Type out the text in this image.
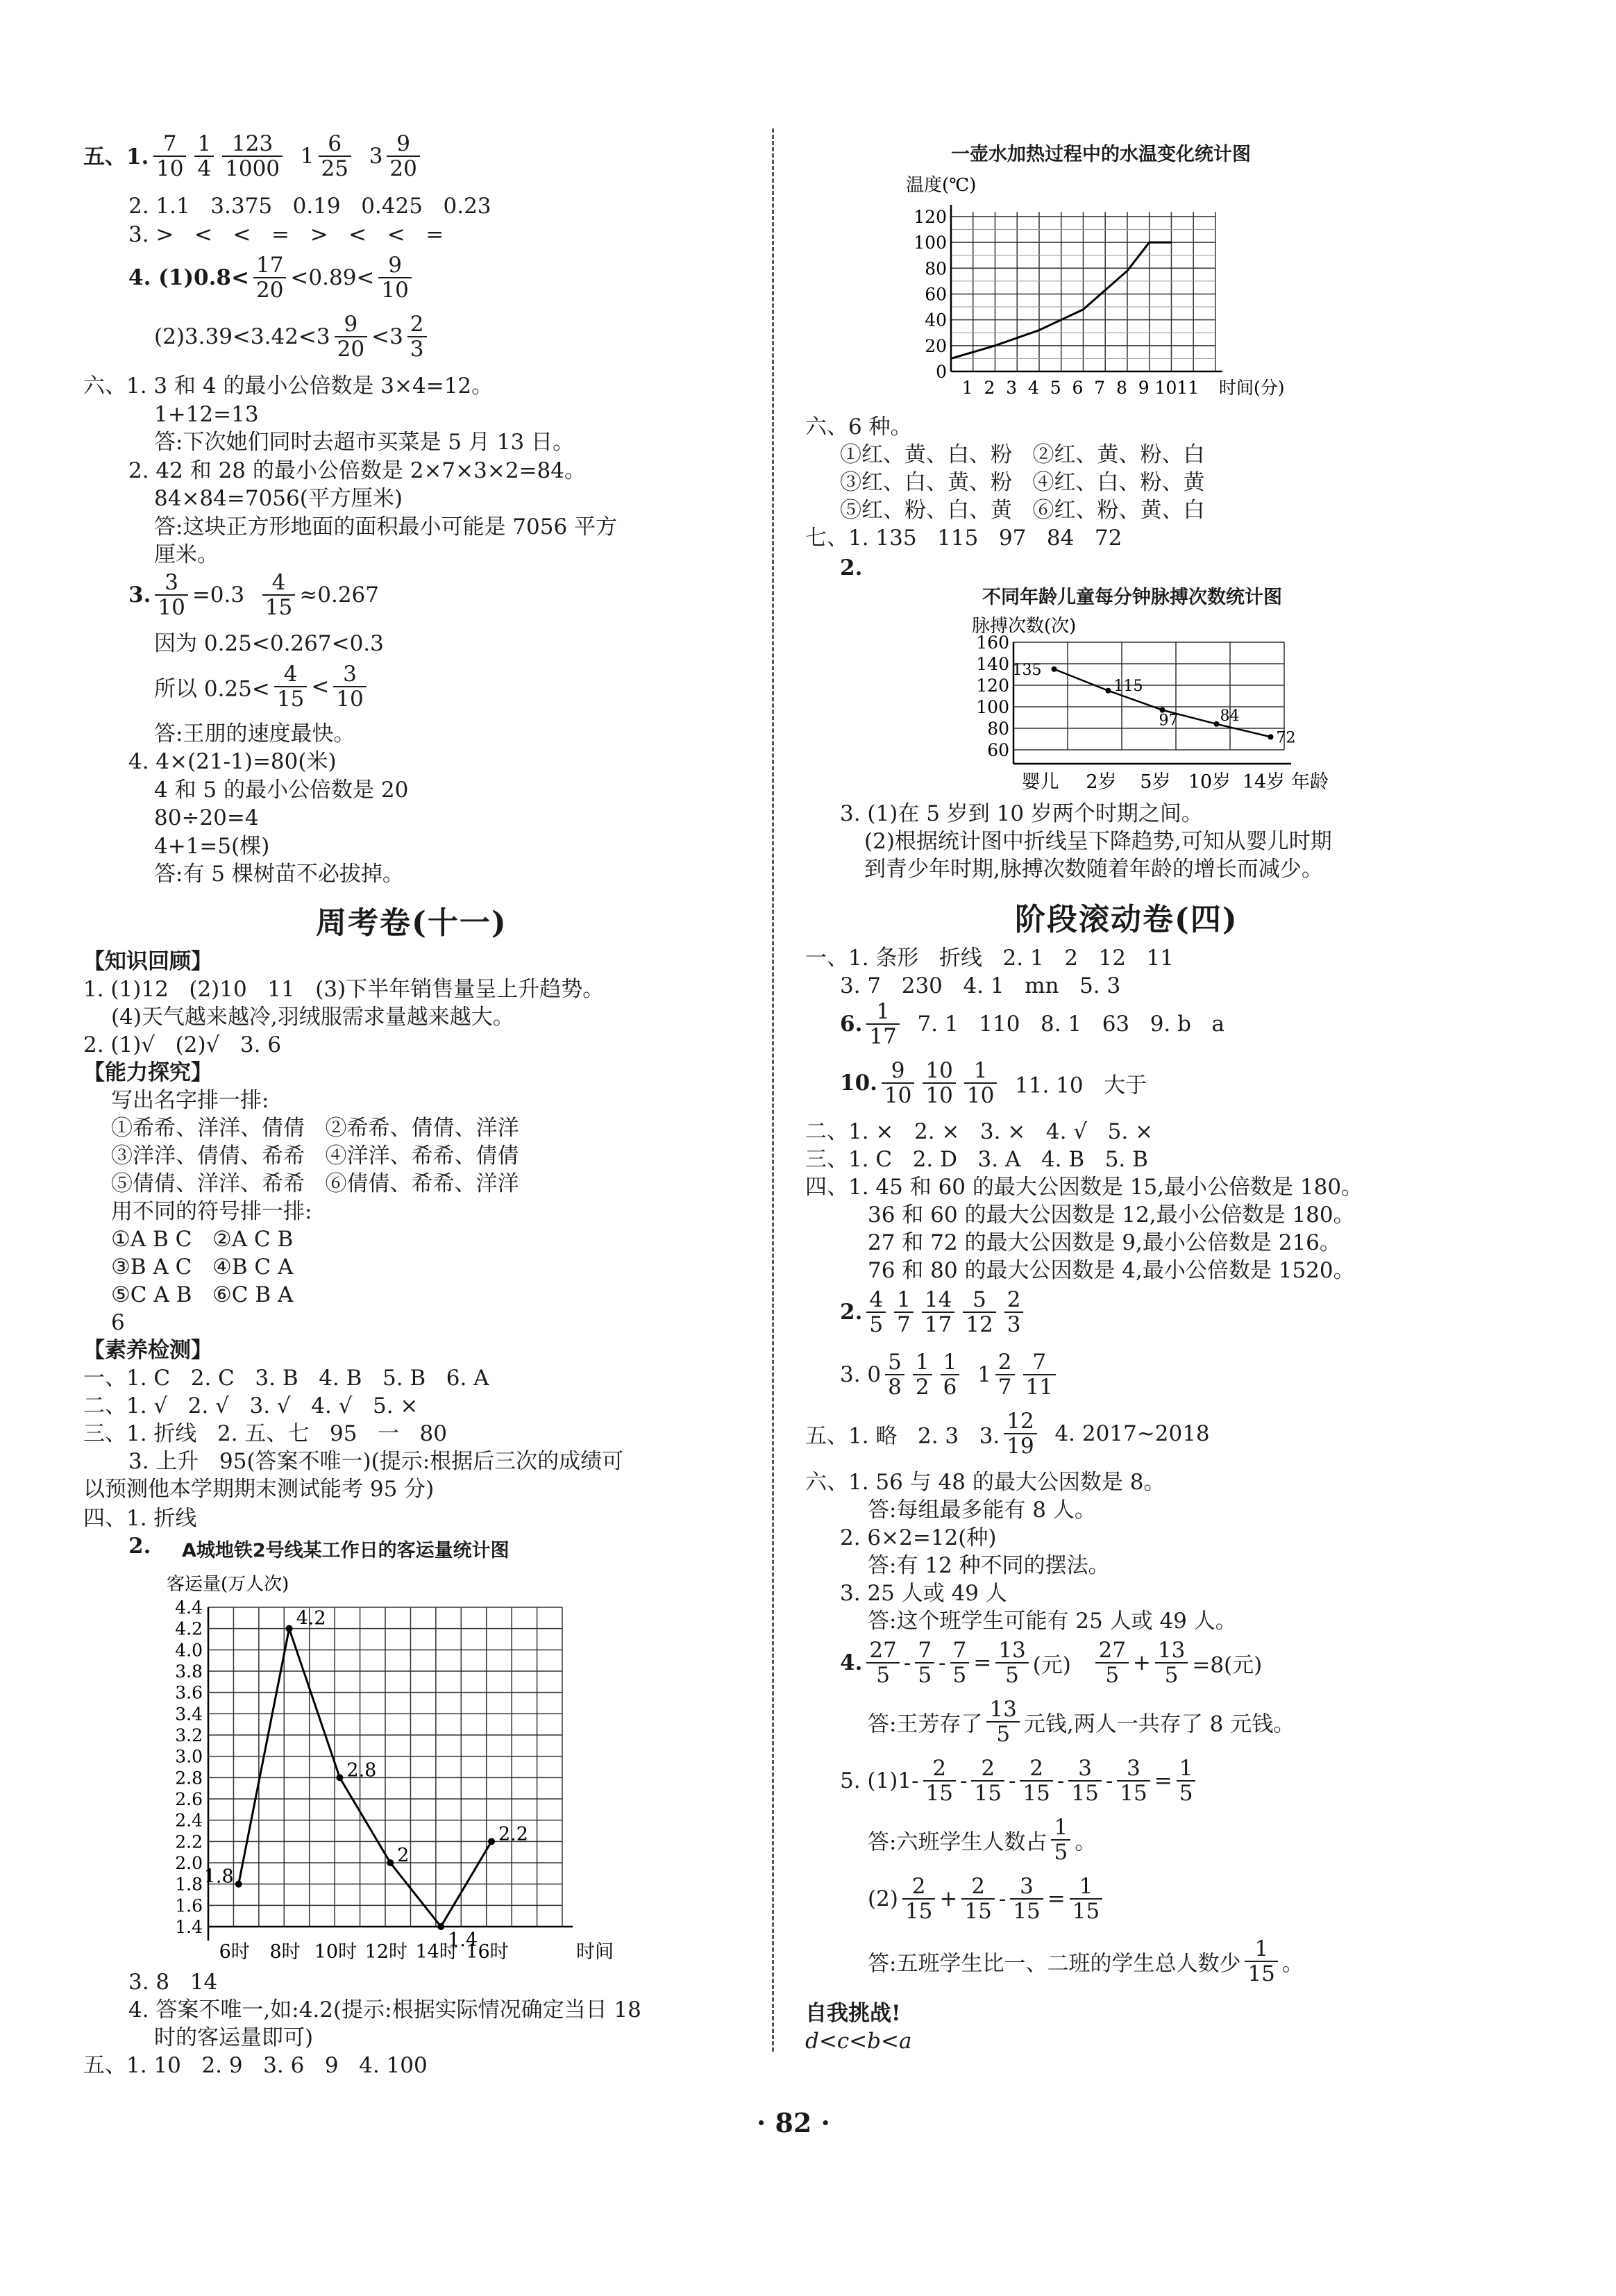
五、1. $\frac{7}{10} \frac{1}{4} \frac{123}{1000} 1 \frac{6}{25} 3 \frac{9}{20}$
2. 1.1   3.375   0.19   0.425   0.23
3. >   <   <   =   >   <   <   =
4. $(1)0.8< \frac{17}{20} <0.89< \frac{9}{10}$
$(2)3.39<3.42<3 \frac{9}{20} <3 \frac{2}{3}$
六、1. 3 和 4 的最小公倍数是 3×4=12。
1+12=13
答:下次她们同时去超市买菜是 5 月 13 日。
2. 42 和 28 的最小公倍数是 2×7×3×2=84。
84×84=7056(平方厘米)
答:这块正方形地面的面积最小可能是 7056 平方
厘米。
3. $\frac{3}{10} =0.3 \frac{4}{15} \approx 0.267$
因为 0.25<0.267<0.3
所以 $0.25< \frac{4}{15} < \frac{3}{10}$
答:王朋的速度最快。
4. 4×(21-1)=80(米)
4 和 5 的最小公倍数是 20
80÷20=4
4+1=5(棵)
答:有 5 棵树苗不必拔掉。
周考卷(十一)
【知识回顾】
1. (1)12   (2)10   11   (3)下半年销售量呈上升趋势。
(4)天气越来越冷,羽绒服需求量越来越大。
2. (1)√   (2)√   3. 6
【能力探究】
写出名字排一排:
①希希、洋洋、倩倩   ②希希、倩倩、洋洋
③洋洋、倩倩、希希   ④洋洋、希希、倩倩
⑤倩倩、洋洋、希希   ⑥倩倩、希希、洋洋
用不同的符号排一排:
①A B C   ②A C B
③B A C   ④B C A
⑤C A B   ⑥C B A
6
【素养检测】
一、1. C   2. C   3. B   4. B   5. B   6. A
二、1. √   2. √   3. √   4. √   5. ×
三、1. 折线   2. 五、七   95   一   80
3. 上升   95(答案不唯一)(提示:根据后三次的成绩可
以预测他本学期期末测试能考 95 分)
四、1. 折线
2. A城地铁2号线某工作日的客运量统计图
客运量(万人次)
1.4
1.6
1.8
2.0
2.2
2.4
2.6
2.8
3.0
3.2
3.4
3.6
3.8
4.0
4.2
4.4
1.8
4.2
2.8
2
1.4
2.2
6时 8时 10时 12时 14时 16时	时间
3. 8   14
4. 答案不唯一,如:4.2(提示:根据实际情况确定当日 18
时的客运量即可)
五、1. 10   2. 9   3. 6   9   4. 100
一壶水加热过程中的水温变化统计图
温度(℃)
0
20
40
60
80
100
120
1 2 3 4 5 6 7 8 9 10 11 时间(分)
六、6 种。
①红、黄、白、粉   ②红、黄、粉、白
③红、白、黄、粉   ④红、白、粉、黄
⑤红、粉、白、黄   ⑥红、粉、黄、白
七、1. 135   115   97   84   72
2.
不同年龄儿童每分钟脉搏次数统计图
脉搏次数(次)
60
80
100
120
140
160
135
115
97	84
72
婴儿 2岁 5岁 10岁 14岁 年龄
3. (1)在 5 岁到 10 岁两个时期之间。
(2)根据统计图中折线呈下降趋势,可知从婴儿时期
到青少年时期,脉搏次数随着年龄的增长而减少。
阶段滚动卷(四)
一、1. 条形   折线   2. 1   2   12   11
3. 7   230   4. 1   mn   5. 3
6. $\frac{1}{17} 7$. 1   110   8. 1   63   9. b   a
10. $\frac{9}{10} \frac{10}{10} \frac{1}{10} 11$. 10   大于
二、1. ×   2. ×   3. ×   4. √   5. ×
三、1. C   2. D   3. A   4. B   5. B
四、1. 45 和 60 的最大公因数是 15,最小公倍数是 180。
36 和 60 的最大公因数是 12,最小公倍数是 180。
27 和 72 的最大公因数是 9,最小公倍数是 216。
76 和 80 的最大公因数是 4,最小公倍数是 1520。
2. $\frac{4}{5} \frac{1}{7} \frac{14}{17} \frac{5}{12} \frac{2}{3}$
3. $0 \frac{5}{8} \frac{1}{2} \frac{1}{6} 1 \frac{2}{7} \frac{7}{11}$
五、1. 略   2. 3   3. $\frac{12}{19} 4$. 2017~2018
六、1. 56 与 48 的最大公因数是 8。
答:每组最多能有 8 人。
2. 6×2=12(种)
答:有 12 种不同的摆法。
3. 25 人或 49 人
答:这个班学生可能有 25 人或 49 人。
4. $\frac{27}{5} - \frac{7}{5} - \frac{7}{5} = \frac{13}{5}$ (元) $\frac{27}{5} + \frac{13}{5} =8$(元)
答:王芳存了 $\frac{13}{5}$ 元钱,两人一共存了 8 元钱。
5. $(1)1- \frac{2}{15} - \frac{2}{15} - \frac{2}{15} - \frac{3}{15} - \frac{3}{15} = \frac{1}{5}$
答:六班学生人数占 $\frac{1}{5}$ 。
$(2) \frac{2}{15} + \frac{2}{15} - \frac{3}{15} = \frac{1}{15}$
答:五班学生比一、二班的学生总人数少 $\frac{1}{15}$ 。
自我挑战!
d<c<b<a
· 82 ·
